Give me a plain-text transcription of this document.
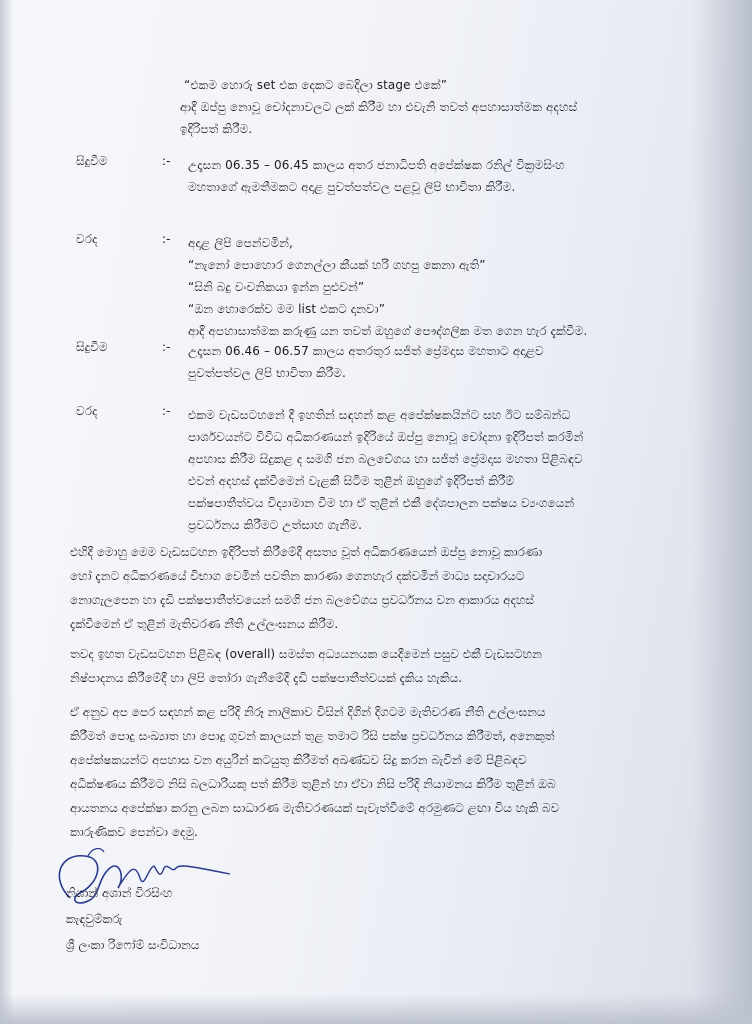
“එකම හොරු set එක දෙකට බෙදිලා stage එකේ”
ආදී ඔප්පු නොවූ චෝදනාවලට ලක් කිරීම හා එවැනි තවත් අපහාසාත්මක අදහස්
ඉදිරිපත් කිරීම.
සිදුවීම	:- උදෑසන 06.35 – 06.45 කාලය අතර ජනාධිපති අපේක්ෂක රනිල් වික්‍රමසිංහ
මහතාගේ ඇමතීමකට අදාළ පුවත්පත්වල පළවූ ලිපි භාවිතා කිරීම.
වරද	:- අදාළ ලිපි පෙන්වමින්,
“නැනෝ පොහොර ගෙනල්ලා කීයක් හරි ගහපු කෙනා ඇති”
“සිනි බදු වංචනිකයා ඉන්න පුළුවන්”
“ඔන හොරෙක්ව මම list එකට දානවා”
ආදී අපහාසාත්මක කරුණු යන තවත් ඔහුගේ පෞද්ගලික මත ගෙන හැර දැක්වීම.
සිදුවීම	:- උදෑසන 06.46 – 06.57 කාලය අතරතුර සජිත් ප්‍රේමදාස මහතාට අදාළව
පුවත්පත්වල ලිපි භාවිතා කිරීම.
වරද	:- එකම වැඩසටහනේ දී ඉහතින් සඳහන් කළ අපේක්ෂකයින්ට සහ ඊට සම්බන්ධ
පාර්ශවයන්ට විවිධ අධිකරණයන් ඉදිරියේ ඔප්පු නොවූ චෝදනා ඉදිරිපත් කරමින්
අපහාස කිරීම සිදුකළ ද සමගි ජන බලවේගය හා සජිත් ප්‍රේමදාස මහතා පිළිබඳව
එවන් අදහස් දැක්වීමෙන් වැළකී සිටීම තුළින් ඔහුගේ ඉදිරිපත් කිරීම්
පක්ෂපාතීත්වය විද්‍යාමාන වීම හා ඒ තුළින් එකී දේශපාලන පක්ෂය ව්‍යංගයෙන්
ප්‍රවර්ධනය කිරීමට උත්සාහ ගැනීම.
එහිදී මොහු මෙම වැඩසටහන ඉදිරිපත් කිරීමේදී අසත්‍ය වූත් අධිකරණයෙන් ඔප්පු නොවූ කාරණා
හෝ දැනට අධිකරණයේ විභාග වෙමින් පවතින කාරණා ගෙනහැර දක්වමින් මාධ්‍ය සදාචාරයට
නොගැලපෙන හා දැඩි පක්ෂපාතීත්වයෙන් සමගි ජන බලවේගය ප්‍රවර්ධනය වන ආකාරය අදහස්
දැක්වීමෙන් ඒ තුළින් මැතිවරණ නීති උල්ලංඝනය කිරීම.
තවද ඉහත වැඩසටහන පිළිබඳ (overall) සමස්ත අධ්‍යයනයක යෙදීමෙන් පසුව එකී වැඩසටහන
නිෂ්පාදනය කිරීමේදී හා ලිපි තෝරා ගැනීමේදී දැඩි පක්ෂපාතීත්වයක් දැකිය හැකිය.
ඒ අනුව අප පෙර සඳහන් කළ පරිදි නිරූ නාලිකාව විසින් දිගින් දිගටම මැතිවරණ නීති උල්ලංඝනය
කිරීමත් පොදු සංඛ්‍යාත හා පොදු ගුවන් කාලයන් තුළ තමාට රිසි පක්ෂ ප්‍රවර්ධනය කිරීමත්, අනෙකුත්
අපේක්ෂකයන්ට අපහාස වන අයුරින් කටයුතු කිරීමත් අඛණ්ඩව සිදු කරන බැවින් මේ පිළිබඳව
අධීක්ෂණය කිරීමට නිසි බලධාරියකු පත් කිරීම තුළින් හා ඒවා නිසි පරිදි නියාමනය කිරීම තුළින් ඔබ
ආයතනය අපේක්ෂා කරනු ලබන සාධාරණ මැතිවරණයක් පැවැත්වීමේ අරමුණට ළඟා විය හැකි බව
කාරුණිකව පෙන්වා දෙමු.
නිශාන් අශාන් විරසිංහ
කැඳවුම්කරු
ශ්‍රී ලංකා රිෆෝම් සංවිධානය
